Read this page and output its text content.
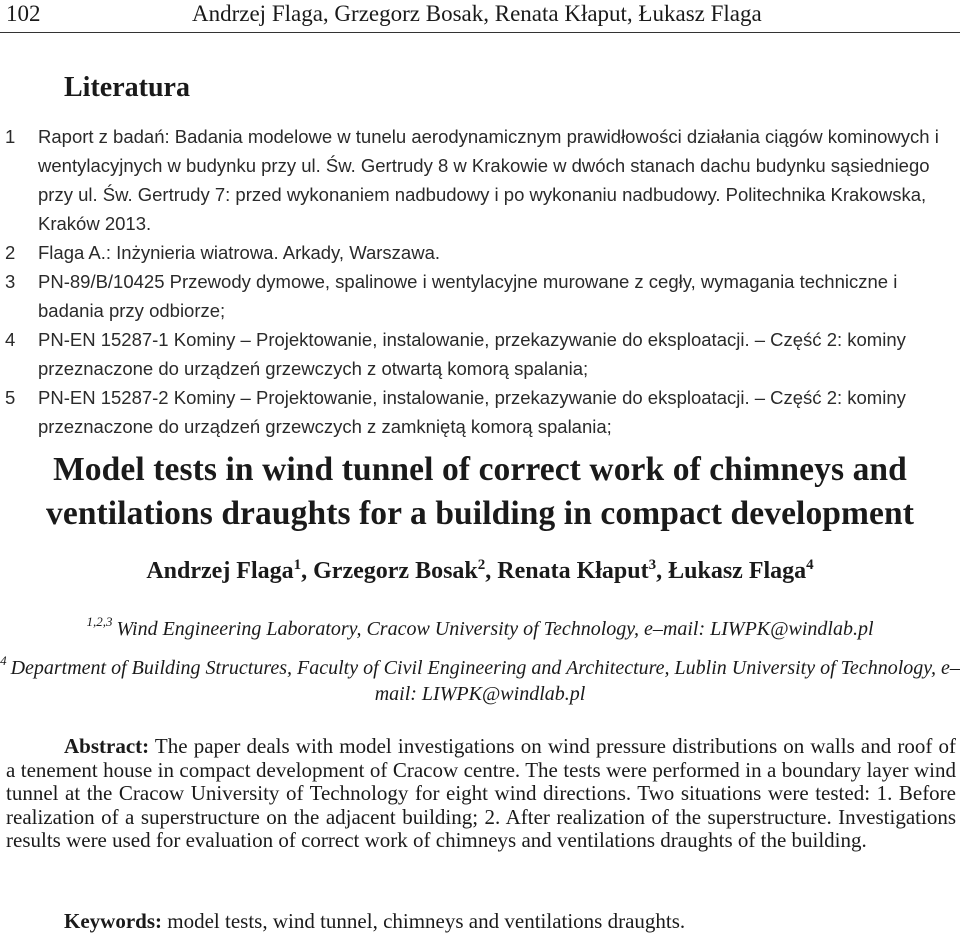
102	Andrzej Flaga, Grzegorz Bosak, Renata Kłaput, Łukasz Flaga
Literatura
1 Raport z badań: Badania modelowe w tunelu aerodynamicznym prawidłowości działania ciągów kominowych i wentylacyjnych w budynku przy ul. Św. Gertrudy 8 w Krakowie w dwóch stanach dachu budynku sąsiedniego przy ul. Św. Gertrudy 7: przed wykonaniem nadbudowy i po wykonaniu nadbudowy. Politechnika Krakowska, Kraków 2013.
2 Flaga A.: Inżynieria wiatrowa. Arkady, Warszawa.
3 PN-89/B/10425 Przewody dymowe, spalinowe i wentylacyjne murowane z cegły, wymagania techniczne i badania przy odbiorze;
4 PN-EN 15287-1 Kominy – Projektowanie, instalowanie, przekazywanie do eksploatacji. – Część 2: kominy przeznaczone do urządzeń grzewczych z otwartą komorą spalania;
5 PN-EN 15287-2 Kominy – Projektowanie, instalowanie, przekazywanie do eksploatacji. – Część 2: kominy przeznaczone do urządzeń grzewczych z zamkniętą komorą spalania;
Model tests in wind tunnel of correct work of chimneys and
ventilations draughts for a building in compact development
Andrzej Flaga$^1$, Grzegorz Bosak$^2$, Renata Kłaput$^3$, Łukasz Flaga$^4$
$^{1,2,3}$ Wind Engineering Laboratory, Cracow University of Technology, e–mail: LIWPK@windlab.pl
$^4$ Department of Building Structures, Faculty of Civil Engineering and Architecture, Lublin University of Technology, e–mail: LIWPK@windlab.pl
Abstract: The paper deals with model investigations on wind pressure distributions on walls and roof of a tenement house in compact development of Cracow centre. The tests were performed in a boundary layer wind tunnel at the Cracow University of Technology for eight wind directions. Two situations were tested: 1. Before realization of a superstructure on the adjacent building; 2. After realization of the superstructure. Investigations results were used for evaluation of correct work of chimneys and ventilations draughts of the building.
Keywords: model tests, wind tunnel, chimneys and ventilations draughts.
